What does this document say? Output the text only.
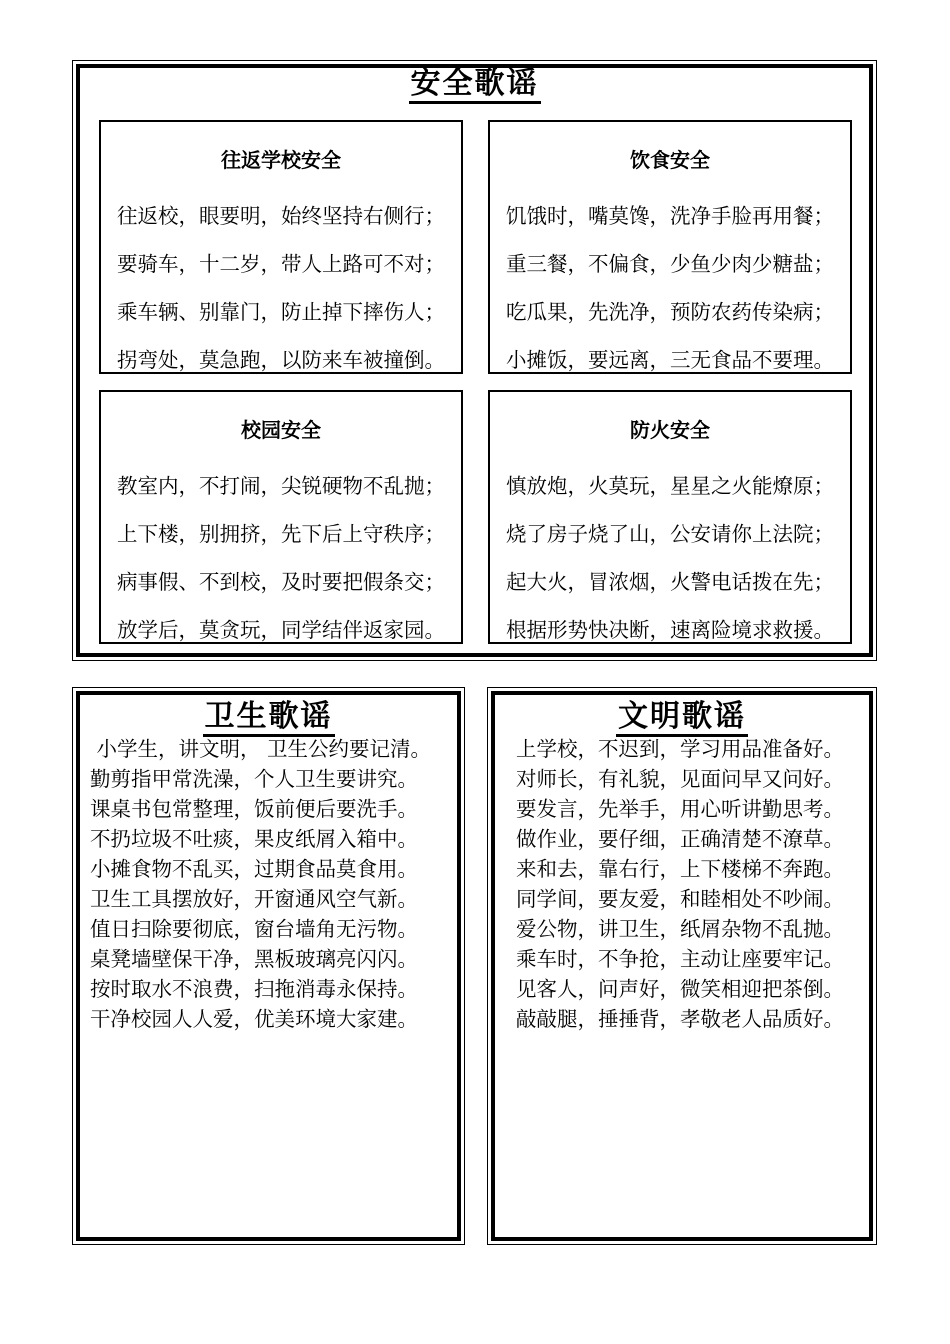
安全歌谣
往返学校安全
往返校，眼要明，始终坚持右侧行；
要骑车，十二岁，带人上路可不对；
乘车辆、别靠门，防止掉下摔伤人；
拐弯处，莫急跑，以防来车被撞倒。
饮食安全
饥饿时，嘴莫馋，洗净手脸再用餐；
重三餐，不偏食，少鱼少肉少糖盐；
吃瓜果，先洗净，预防农药传染病；
小摊饭，要远离，三无食品不要理。
校园安全
教室内，不打闹，尖锐硬物不乱抛；
上下楼，别拥挤，先下后上守秩序；
病事假、不到校，及时要把假条交；
放学后，莫贪玩，同学结伴返家园。
防火安全
慎放炮，火莫玩，星星之火能燎原；
烧了房子烧了山，公安请你上法院；
起大火，冒浓烟，火警电话拨在先；
根据形势快决断，速离险境求救援。
卫生歌谣
小学生，讲文明， 卫生公约要记清。
勤剪指甲常洗澡，个人卫生要讲究。
课桌书包常整理，饭前便后要洗手。
不扔垃圾不吐痰，果皮纸屑入箱中。
小摊食物不乱买，过期食品莫食用。
卫生工具摆放好，开窗通风空气新。
值日扫除要彻底，窗台墙角无污物。
桌凳墙壁保干净，黑板玻璃亮闪闪。
按时取水不浪费，扫拖消毒永保持。
干净校园人人爱，优美环境大家建。
文明歌谣
上学校，不迟到，学习用品准备好。
对师长，有礼貌，见面问早又问好。
要发言，先举手，用心听讲勤思考。
做作业，要仔细，正确清楚不潦草。
来和去，靠右行，上下楼梯不奔跑。
同学间，要友爱，和睦相处不吵闹。
爱公物，讲卫生，纸屑杂物不乱抛。
乘车时，不争抢，主动让座要牢记。
见客人，问声好，微笑相迎把茶倒。
敲敲腿，捶捶背，孝敬老人品质好。
